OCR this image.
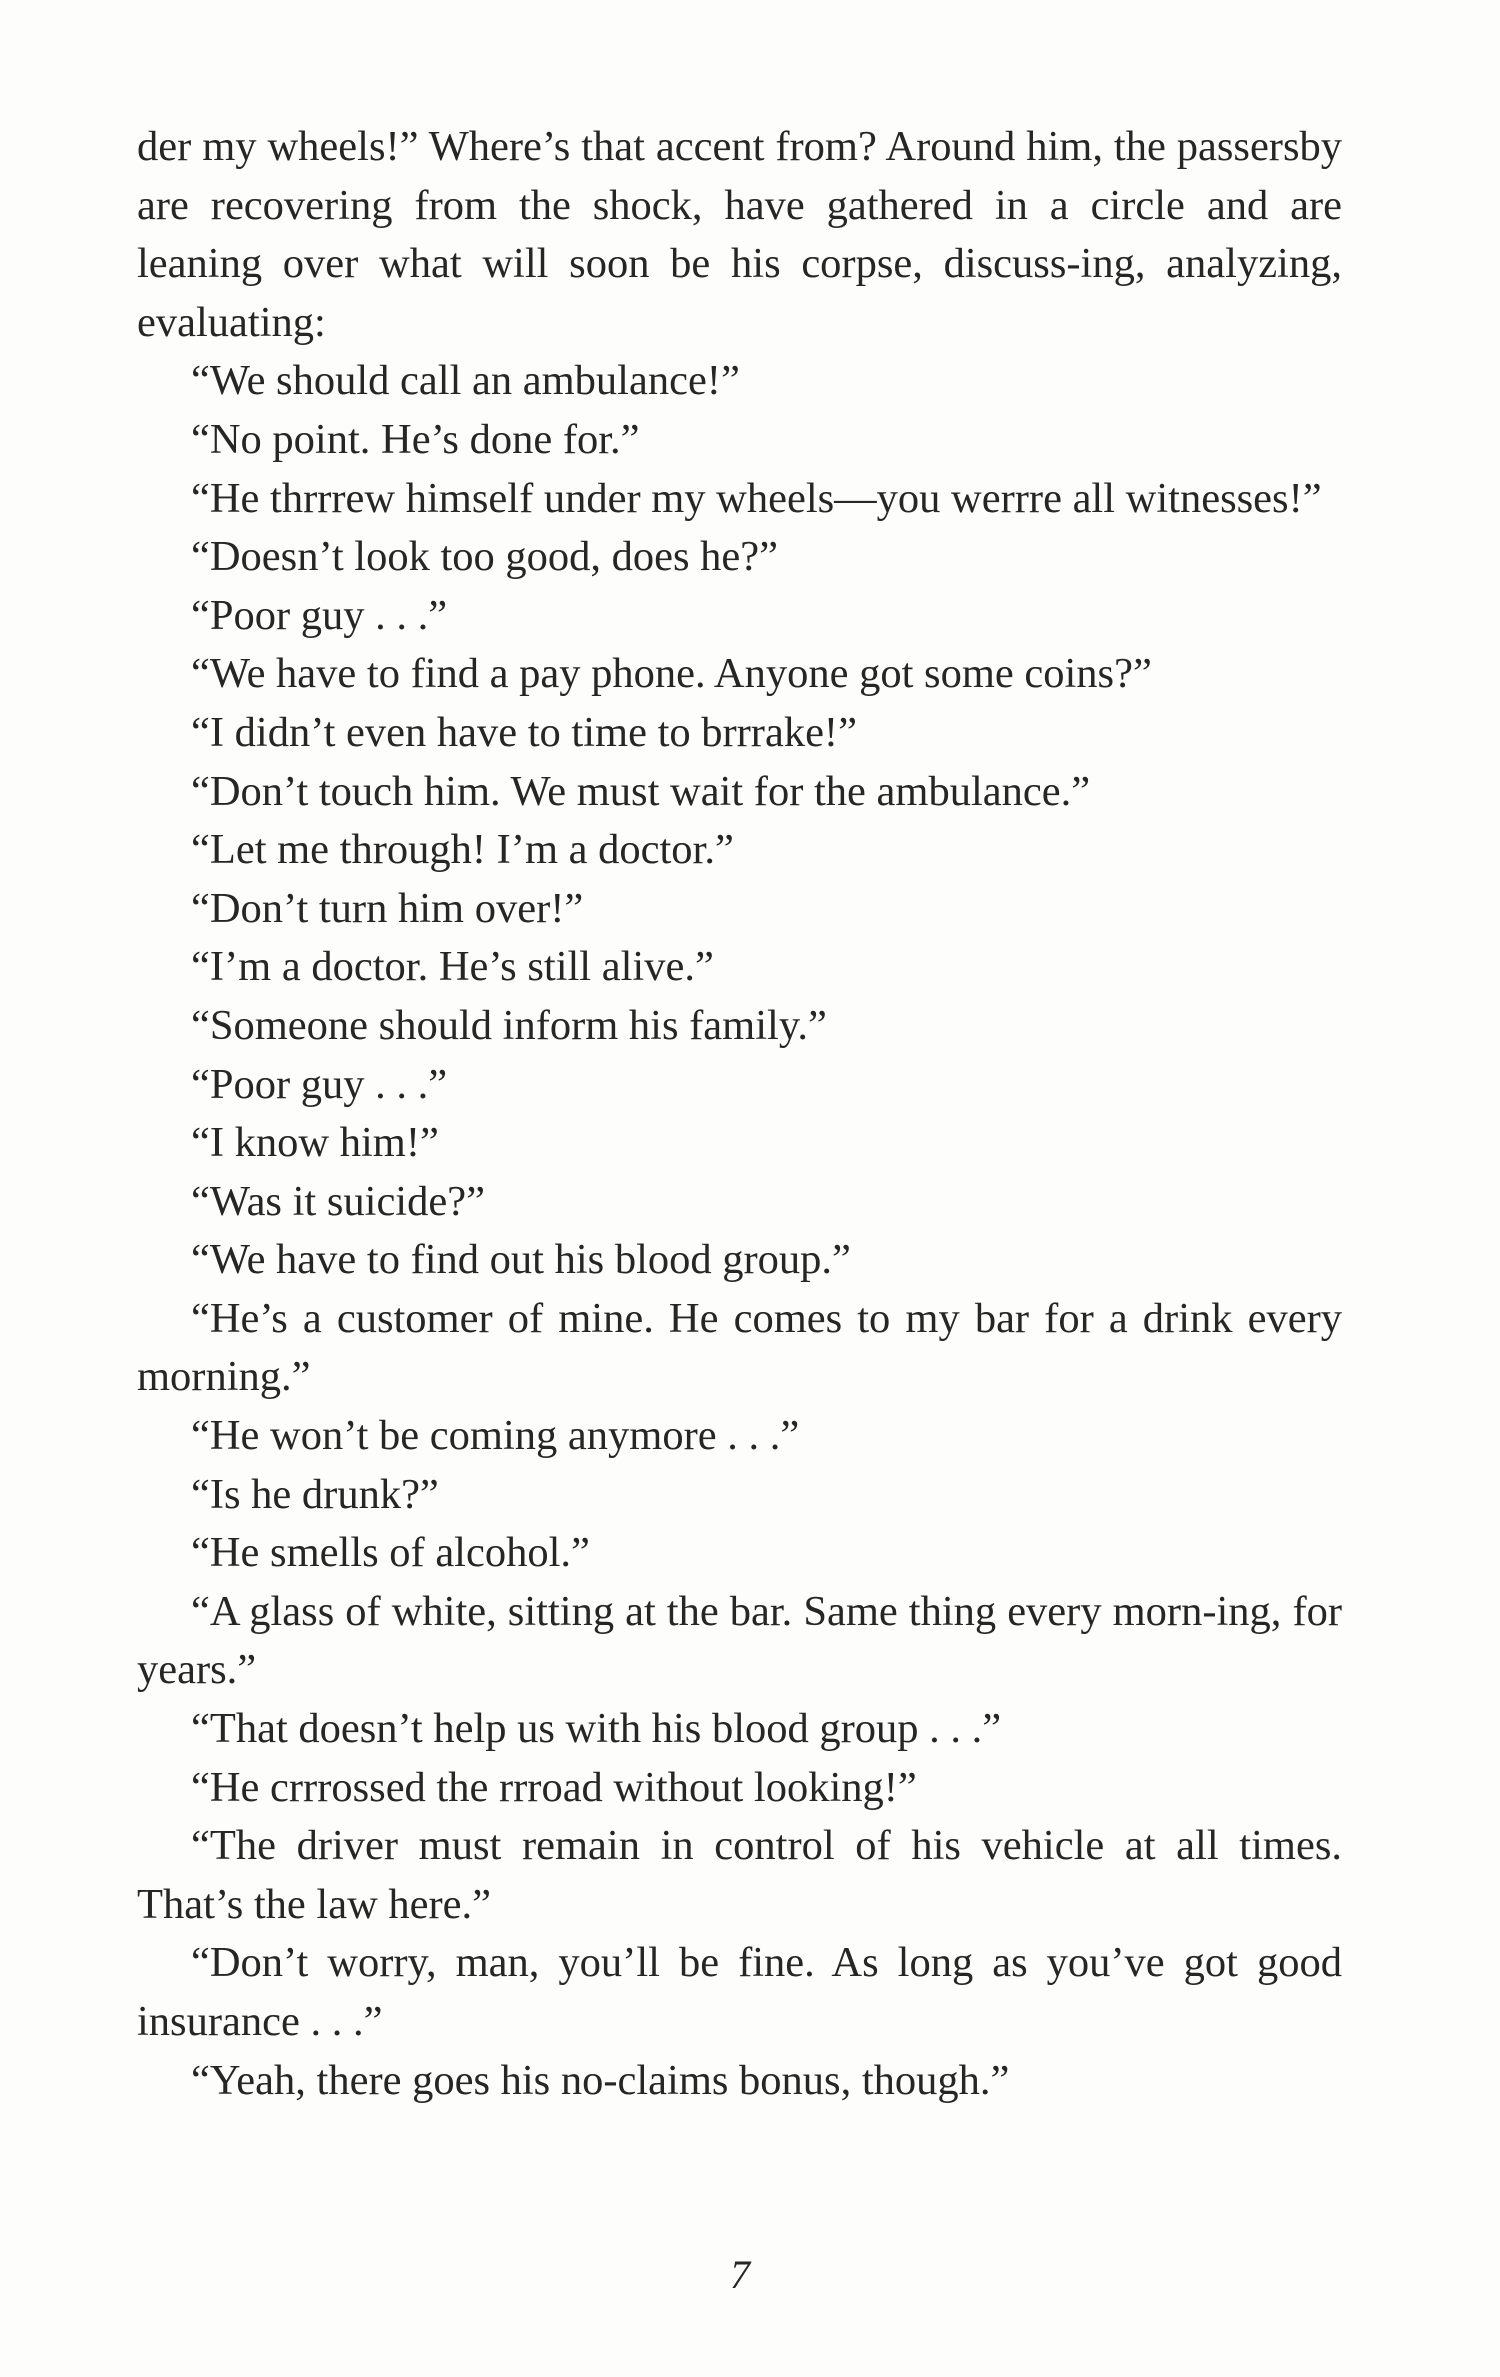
der my wheels!” Where’s that accent from? Around him, the passersby are recovering from the shock, have gathered in a circle and are leaning over what will soon be his corpse, discuss-ing, analyzing, evaluating:

“We should call an ambulance!”

“No point. He’s done for.”

“He thrrrew himself under my wheels—you werrre all witnesses!”

“Doesn’t look too good, does he?”

“Poor guy . . .”

“We have to find a pay phone. Anyone got some coins?”

“I didn’t even have to time to brrrake!”

“Don’t touch him. We must wait for the ambulance.”

“Let me through! I’m a doctor.”

“Don’t turn him over!”

“I’m a doctor. He’s still alive.”

“Someone should inform his family.”

“Poor guy . . .”

“I know him!”

“Was it suicide?”

“We have to find out his blood group.”

“He’s a customer of mine. He comes to my bar for a drink every morning.”

“He won’t be coming anymore . . .”

“Is he drunk?”

“He smells of alcohol.”

“A glass of white, sitting at the bar. Same thing every morn-ing, for years.”

“That doesn’t help us with his blood group . . .”

“He crrrossed the rrroad without looking!”

“The driver must remain in control of his vehicle at all times. That’s the law here.”

“Don’t worry, man, you’ll be fine. As long as you’ve got good insurance . . .”

“Yeah, there goes his no-claims bonus, though.”

7
